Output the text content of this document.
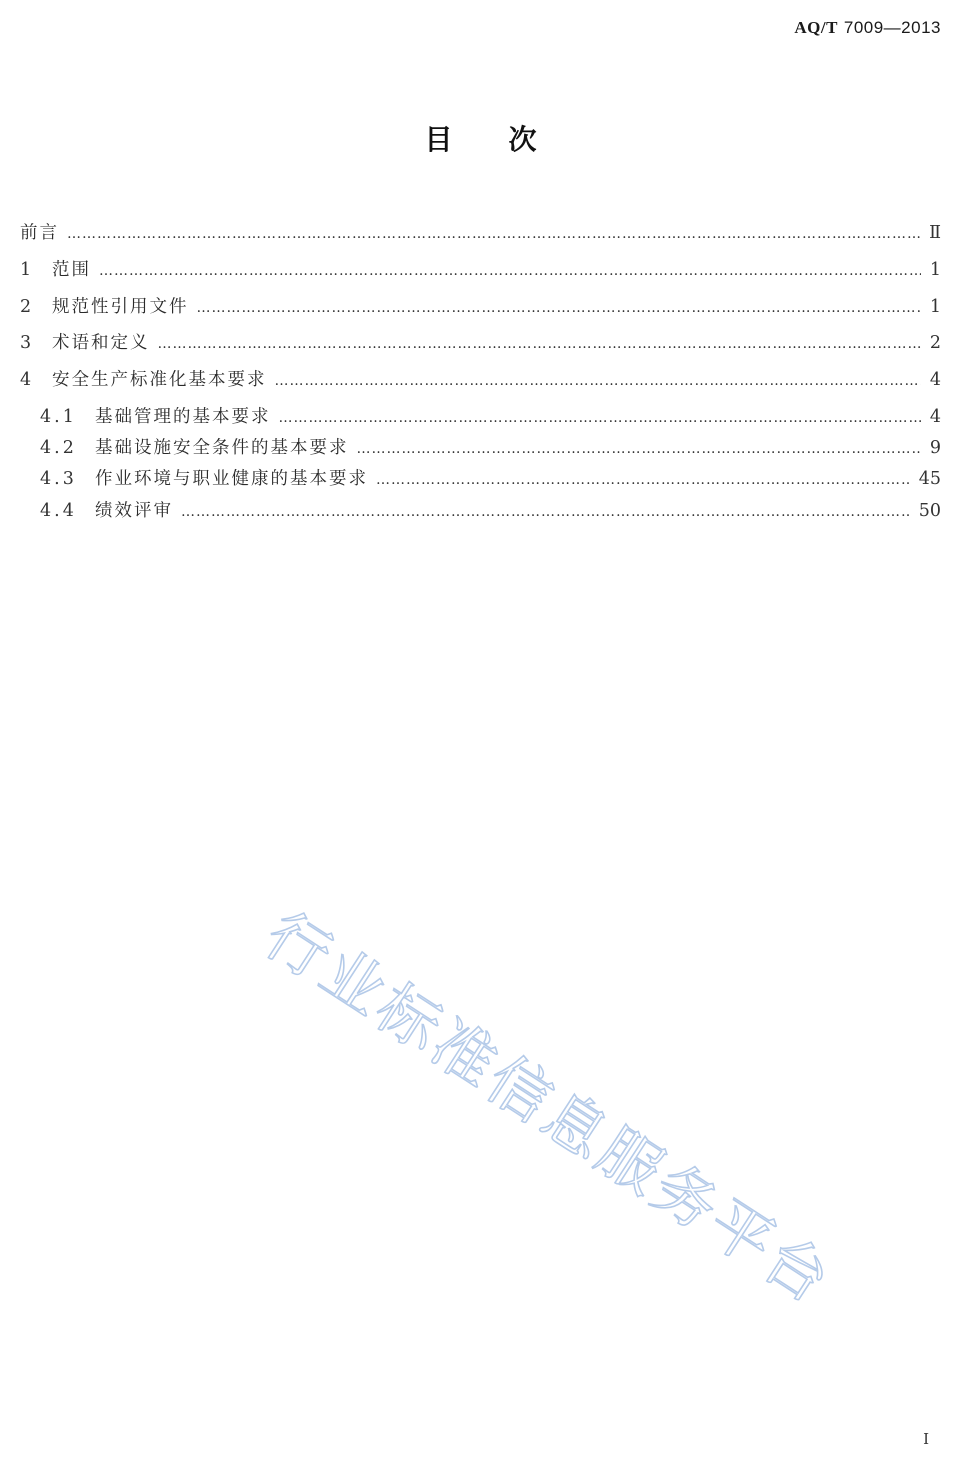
AQ/T 7009—2013
目次
前言 ……………………………………………………………………………………………………………………………………………………………………………………………………………	Ⅱ
1	范围 ……………………………………………………………………………………………………………………………………………………………………………………………………………	1
2	规范性引用文件 ……………………………………………………………………………………………………………………………………………………………………………………………………………	1
3	术语和定义 ……………………………………………………………………………………………………………………………………………………………………………………………………………	2
4	安全生产标准化基本要求 ……………………………………………………………………………………………………………………………………………………………………………………………………………	4
4.1	基础管理的基本要求 ……………………………………………………………………………………………………………………………………………………………………………………………………………	4
4.2	基础设施安全条件的基本要求 ……………………………………………………………………………………………………………………………………………………………………………………………………………	9
4.3	作业环境与职业健康的基本要求 ……………………………………………………………………………………………………………………………………………………………………………………………………………	45
4.4	绩效评审 ……………………………………………………………………………………………………………………………………………………………………………………………………………	50
行业标准信息服务平台
I
